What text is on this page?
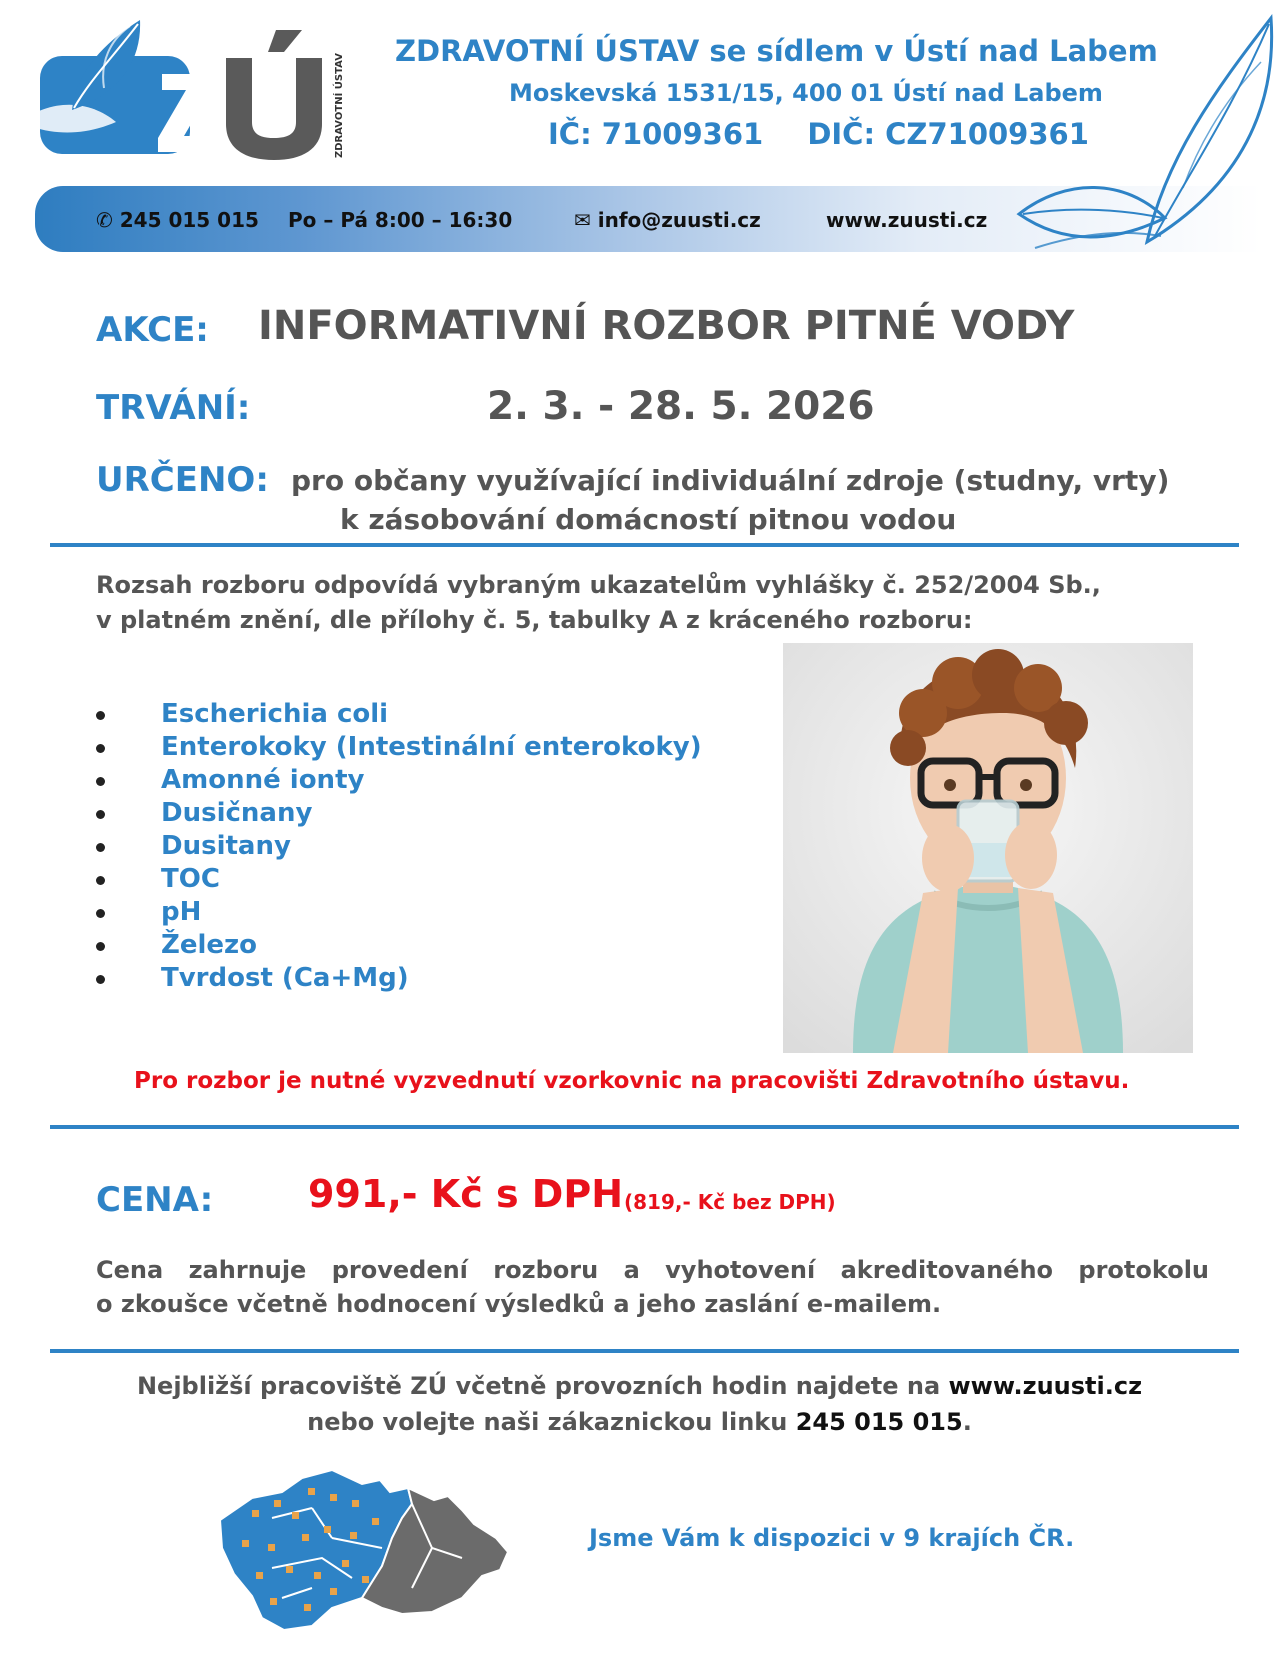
ZDRAVOTNÍ ÚSTAV
ZDRAVOTNÍ ÚSTAV se sídlem v Ústí nad Labem
Moskevská 1531/15, 400 01 Ústí nad Labem
IČ: 71009361 DIČ: CZ71009361
✆ 245 015 015 Po – Pá 8:00 – 16:30	✉ info@zuusti.cz	www.zuusti.cz
AKCE: INFORMATIVNÍ ROZBOR PITNÉ VODY
TRVÁNÍ:	2. 3. - 28. 5. 2026
URČENO: pro občany využívající individuální zdroje (studny, vrty)
k zásobování domácností pitnou vodou
Rozsah rozboru odpovídá vybraným ukazatelům vyhlášky č. 252/2004 Sb.,
v platném znění, dle přílohy č. 5, tabulky A z kráceného rozboru:
Escherichia coli
Enterokoky (Intestinální enterokoky)
Amonné ionty
Dusičnany
Dusitany
TOC
pH
Železo
Tvrdost (Ca+Mg)
Pro rozbor je nutné vyzvednutí vzorkovnic na pracovišti Zdravotního ústavu.
CENA: 991,- Kč s DPH (819,- Kč bez DPH)
Cena zahrnuje provedení rozboru a vyhotovení akreditovaného protokolu
o zkoušce včetně hodnocení výsledků a jeho zaslání e-mailem.
Nejbližší pracoviště ZÚ včetně provozních hodin najdete na www.zuusti.cz
nebo volejte naši zákaznickou linku 245 015 015.
Jsme Vám k dispozici v 9 krajích ČR.
